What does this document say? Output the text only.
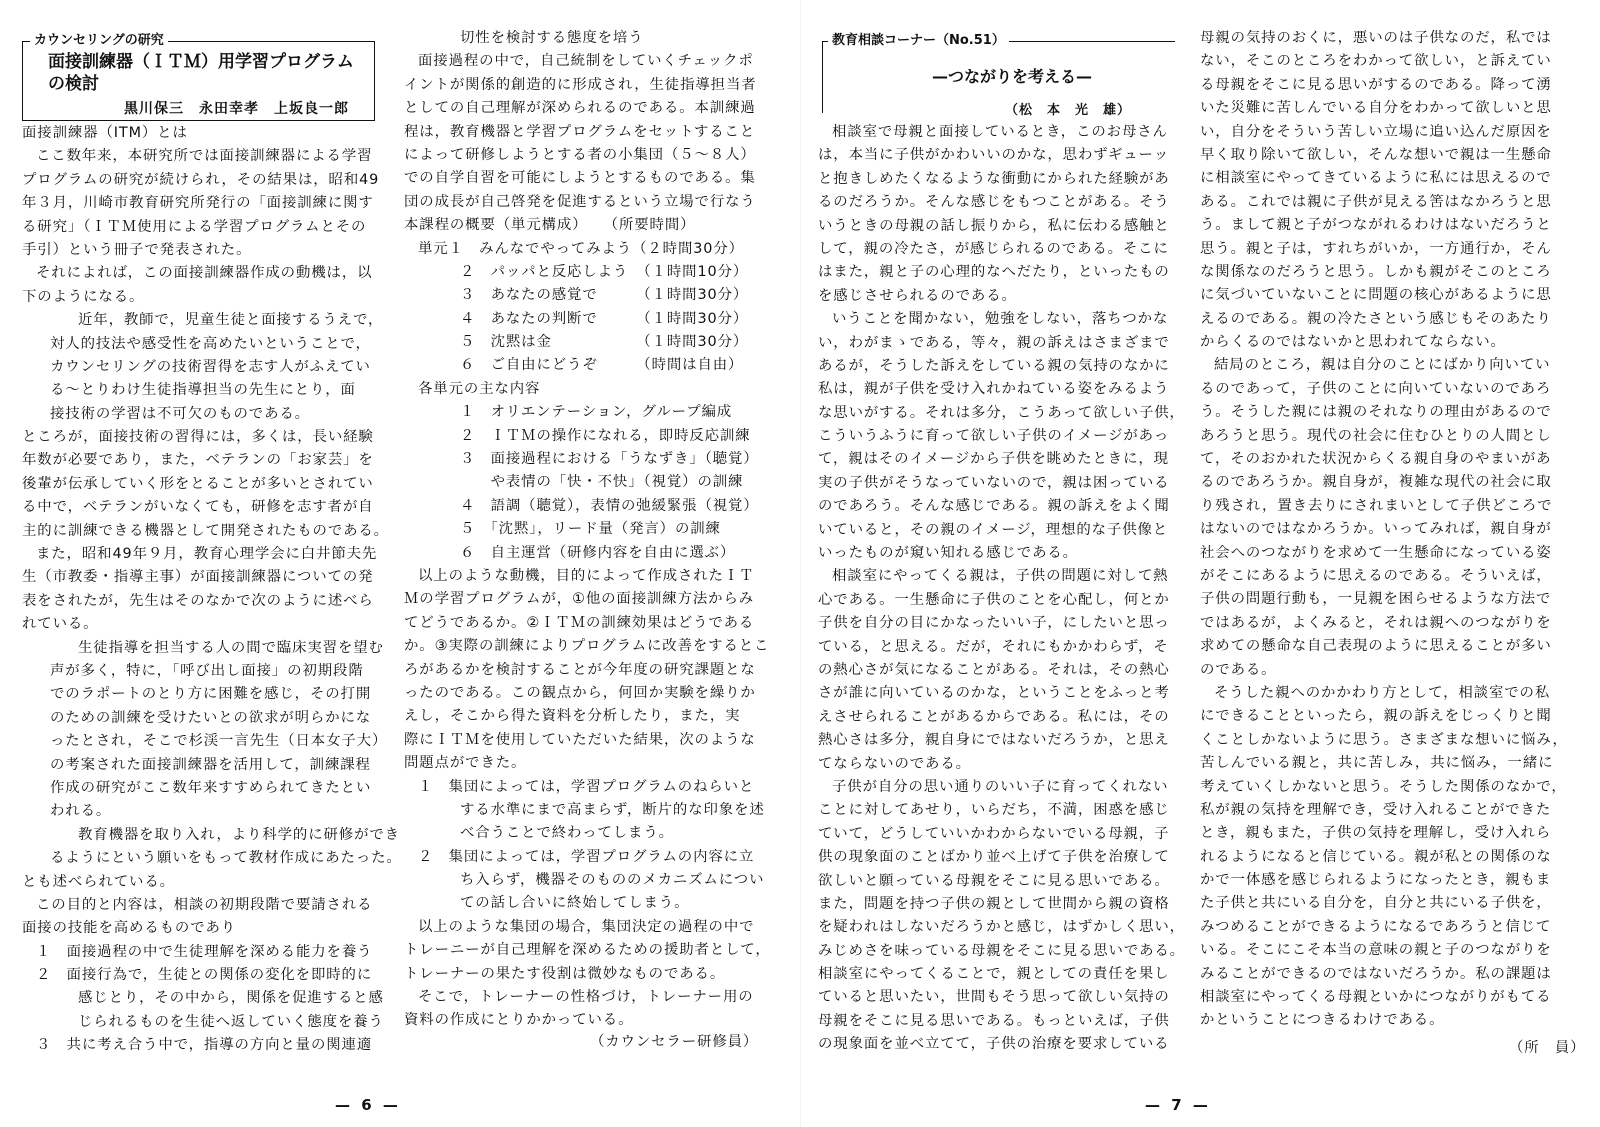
カウンセリングの研究
面接訓練器（ＩＴＭ）用学習プログラム
の検討
黒川保三　永田幸孝　上坂良一郎
面接訓練器（ITM）とは
ここ数年来，本研究所では面接訓練器による学習
プログラムの研究が続けられ，その結果は，昭和49
年３月，川崎市教育研究所発行の「面接訓練に関す
る研究」（ＩＴＭ使用による学習プログラムとその
手引）という冊子で発表された。
それによれば，この面接訓練器作成の動機は，以
下のようになる。
近年，教師で，児童生徒と面接するうえで，
対人的技法や感受性を高めたいということで，
カウンセリングの技術習得を志す人がふえてい
る〜とりわけ生徒指導担当の先生にとり，面
接技術の学習は不可欠のものである。
ところが，面接技術の習得には，多くは，長い経験
年数が必要であり，また，ベテランの「お家芸」を
後輩が伝承していく形をとることが多いとされてい
る中で，ベテランがいなくても，研修を志す者が自
主的に訓練できる機器として開発されたものである。
また，昭和49年９月，教育心理学会に白井節夫先
生（市教委・指導主事）が面接訓練器についての発
表をされたが，先生はそのなかで次のように述べら
れている。
生徒指導を担当する人の間で臨床実習を望む
声が多く，特に，「呼び出し面接」の初期段階
でのラポートのとり方に困難を感じ，その打開
のための訓練を受けたいとの欲求が明らかにな
ったとされ，そこで杉渓一言先生（日本女子大）
の考案された面接訓練器を活用して，訓練課程
作成の研究がここ数年来すすめられてきたとい
われる。
教育機器を取り入れ，より科学的に研修ができ
るようにという願いをもって教材作成にあたった。
とも述べられている。
この目的と内容は，相談の初期段階で要請される
面接の技能を高めるものであり
１　面接過程の中で生徒理解を深める能力を養う
２　面接行為で，生徒との関係の変化を即時的に
感じとり，その中から，関係を促進すると感
じられるものを生徒へ返していく態度を養う
３　共に考え合う中で，指導の方向と量の関連適
切性を検討する態度を培う
面接過程の中で，自己統制をしていくチェックポ
イントが関係的創造的に形成され，生徒指導担当者
としての自己理解が深められるのである。本訓練過
程は，教育機器と学習プログラムをセットすること
によって研修しようとする者の小集団（５〜８人）
での自学自習を可能にしようとするものである。集
団の成長が自己啓発を促進するという立場で行なう
本課程の概要（単元構成）　　（所要時間）
単元１　みんなでやってみよう（２時間30分）
２　パッパと反応しよう　（１時間10分）
３　あなたの感覚で　　　（１時間30分）
４　あなたの判断で　　　（１時間30分）
５　沈黙は金　　　　　　（１時間30分）
６　ご自由にどうぞ　　　（時間は自由）
各単元の主な内容
１　オリエンテーション，グループ編成
２　ＩＴＭの操作になれる，即時反応訓練
３　面接過程における「うなずき」（聴覚）
　　や表情の「快・不快」（視覚）の訓練
４　語調（聴覚），表情の弛緩緊張（視覚）
５　「沈黙」，リード量（発言）の訓練
６　自主運営（研修内容を自由に選ぶ）
以上のような動機，目的によって作成されたＩＴ
Ｍの学習プログラムが，①他の面接訓練方法からみ
てどうであるか。②ＩＴＭの訓練効果はどうである
か。③実際の訓練によりプログラムに改善をするとこ
ろがあるかを検討することが今年度の研究課題とな
ったのである。この観点から，何回か実験を繰りか
えし，そこから得た資料を分析したり，また，実
際にＩＴＭを使用していただいた結果，次のような
問題点ができた。
１　集団によっては，学習プログラムのねらいと
する水準にまで高まらず，断片的な印象を述
べ合うことで終わってしまう。
２　集団によっては，学習プログラムの内容に立
ち入らず，機器そのもののメカニズムについ
ての話し合いに終始してしまう。
以上のような集団の場合，集団決定の過程の中で
トレーニーが自己理解を深めるための援助者として，
トレーナーの果たす役割は微妙なものである。
そこで，トレーナーの性格づけ，トレーナー用の
資料の作成にとりかかっている。
（カウンセラー研修員）
— 6 —
教育相談コーナー（No.51）
—つながりを考える—
（松　本　光　雄）
相談室で母親と面接しているとき，このお母さん
は，本当に子供がかわいいのかな，思わずギューッ
と抱きしめたくなるような衝動にかられた経験があ
るのだろうか。そんな感じをもつことがある。そう
いうときの母親の話し振りから，私に伝わる感触と
して，親の冷たさ，が感じられるのである。そこに
はまた，親と子の心理的なへだたり，といったもの
を感じさせられるのである。
いうことを聞かない，勉強をしない，落ちつかな
い，わがまゝである，等々，親の訴えはさまざまで
あるが，そうした訴えをしている親の気持のなかに
私は，親が子供を受け入れかねている姿をみるよう
な思いがする。それは多分，こうあって欲しい子供，
こういうふうに育って欲しい子供のイメージがあっ
て，親はそのイメージから子供を眺めたときに，現
実の子供がそうなっていないので，親は困っている
のであろう。そんな感じである。親の訴えをよく聞
いていると，その親のイメージ，理想的な子供像と
いったものが窺い知れる感じである。
相談室にやってくる親は，子供の問題に対して熱
心である。一生懸命に子供のことを心配し，何とか
子供を自分の目にかなったいい子，にしたいと思っ
ている，と思える。だが，それにもかかわらず，そ
の熱心さが気になることがある。それは，その熱心
さが誰に向いているのかな，ということをふっと考
えさせられることがあるからである。私には，その
熱心さは多分，親自身にではないだろうか，と思え
てならないのである。
子供が自分の思い通りのいい子に育ってくれない
ことに対してあせり，いらだち，不満，困惑を感じ
ていて，どうしていいかわからないでいる母親，子
供の現象面のことばかり並べ上げて子供を治療して
欲しいと願っている母親をそこに見る思いである。
また，問題を持つ子供の親として世間から親の資格
を疑われはしないだろうかと感じ，はずかしく思い，
みじめさを味っている母親をそこに見る思いである。
相談室にやってくることで，親としての責任を果し
ていると思いたい，世間もそう思って欲しい気持の
母親をそこに見る思いである。もっといえば，子供
の現象面を並べ立てて，子供の治療を要求している
母親の気持のおくに，悪いのは子供なのだ，私では
ない，そこのところをわかって欲しい，と訴えてい
る母親をそこに見る思いがするのである。降って湧
いた災難に苦しんでいる自分をわかって欲しいと思
い，自分をそういう苦しい立場に追い込んだ原因を
早く取り除いて欲しい，そんな想いで親は一生懸命
に相談室にやってきているように私には思えるので
ある。これでは親に子供が見える筈はなかろうと思
う。まして親と子がつながれるわけはないだろうと
思う。親と子は，すれちがいか，一方通行か，そん
な関係なのだろうと思う。しかも親がそこのところ
に気づいていないことに問題の核心があるように思
えるのである。親の冷たさという感じもそのあたり
からくるのではないかと思われてならない。
結局のところ，親は自分のことにばかり向いてい
るのであって，子供のことに向いていないのであろ
う。そうした親には親のそれなりの理由があるので
あろうと思う。現代の社会に住むひとりの人間とし
て，そのおかれた状況からくる親自身のやまいがあ
るのであろうか。親自身が，複雑な現代の社会に取
り残され，置き去りにされまいとして子供どころで
はないのではなかろうか。いってみれば，親自身が
社会へのつながりを求めて一生懸命になっている姿
がそこにあるように思えるのである。そういえば，
子供の問題行動も，一見親を困らせるような方法で
ではあるが，よくみると，それは親へのつながりを
求めての懸命な自己表現のように思えることが多い
のである。
そうした親へのかかわり方として，相談室での私
にできることといったら，親の訴えをじっくりと聞
くことしかないように思う。さまざまな想いに悩み，
苦しんでいる親と，共に苦しみ，共に悩み，一緒に
考えていくしかないと思う。そうした関係のなかで，
私が親の気持を理解でき，受け入れることができた
とき，親もまた，子供の気持を理解し，受け入れら
れるようになると信じている。親が私との関係のな
かで一体感を感じられるようになったとき，親もま
た子供と共にいる自分を，自分と共にいる子供を，
みつめることができるようになるであろうと信じて
いる。そこにこそ本当の意味の親と子のつながりを
みることができるのではないだろうか。私の課題は
相談室にやってくる母親といかにつながりがもてる
かということにつきるわけである。
（所　員）
— 7 —
